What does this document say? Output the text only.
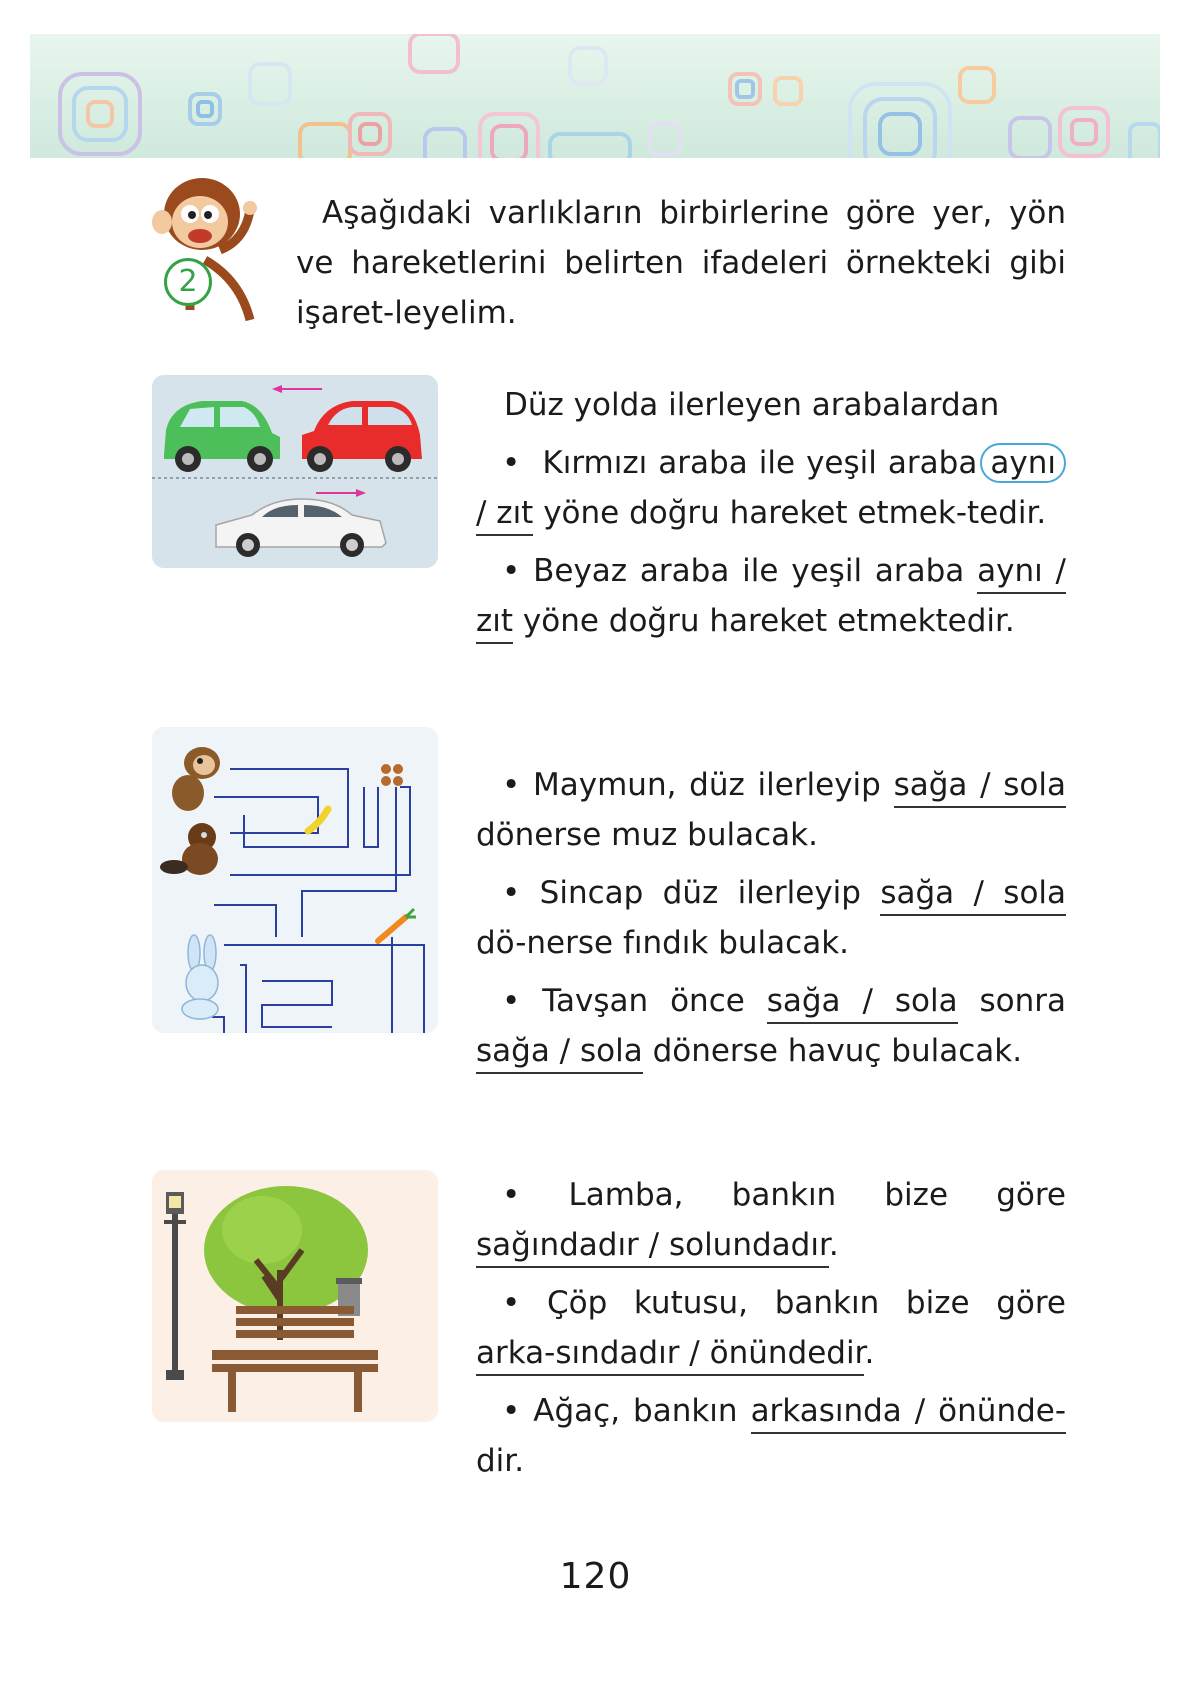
2
Aşağıdaki varlıkların birbirlerine göre yer, yön ve hareketlerini belirten ifadeleri örnekteki gibi işaret-leyelim.
Düz yolda ilerleyen arabalardan
• Kırmızı araba ile yeşil araba aynı/ zıt yöne doğru hareket etmek-tedir.
• Beyaz araba ile yeşil araba aynı / zıt yöne doğru hareket etmektedir.
• Maymun, düz ilerleyip sağa / sola dönerse muz bulacak.
• Sincap düz ilerleyip sağa / sola dö-nerse fındık bulacak.
• Tavşan önce sağa / sola sonra sağa / sola dönerse havuç bulacak.
• Lamba, bankın bize göre sağındadır / solundadır.
• Çöp kutusu, bankın bize göre arka-sındadır / önündedir.
• Ağaç, bankın arkasında / önünde- dir.
120
